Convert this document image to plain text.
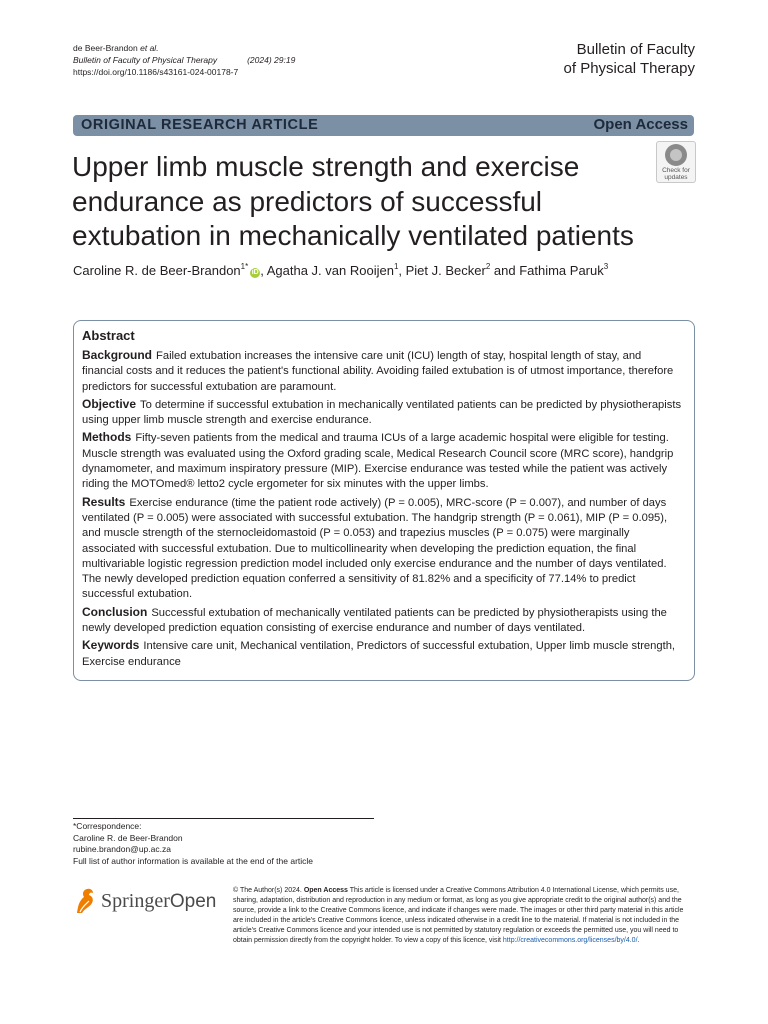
de Beer-Brandon et al.
Bulletin of Faculty of Physical Therapy	(2024) 29:19
https://doi.org/10.1186/s43161-024-00178-7
Bulletin of Faculty
of Physical Therapy
ORIGINAL RESEARCH ARTICLE	Open Access
Upper limb muscle strength and exercise endurance as predictors of successful extubation in mechanically ventilated patients
Check for
updates
Caroline R. de Beer-Brandon$^{1*}$iD , Agatha J. van Rooijen$^1$, Piet J. Becker$^2$ and Fathima Paruk$^3$
Abstract

Background Failed extubation increases the intensive care unit (ICU) length of stay, hospital length of stay, and financial costs and it reduces the patient's functional ability. Avoiding failed extubation is of utmost importance, therefore predictors for successful extubation are paramount.

Objective To determine if successful extubation in mechanically ventilated patients can be predicted by physiotherapists using upper limb muscle strength and exercise endurance.

Methods Fifty-seven patients from the medical and trauma ICUs of a large academic hospital were eligible for testing. Muscle strength was evaluated using the Oxford grading scale, Medical Research Council score (MRC score), handgrip dynamometer, and maximum inspiratory pressure (MIP). Exercise endurance was tested while the patient was actively riding the MOTOmed® letto2 cycle ergometer for six minutes with the upper limbs.

Results Exercise endurance (time the patient rode actively) (P = 0.005), MRC-score (P = 0.007), and number of days ventilated (P = 0.005) were associated with successful extubation. The handgrip strength (P = 0.061), MIP (P = 0.095), and muscle strength of the sternocleidomastoid (P = 0.053) and trapezius muscles (P = 0.075) were marginally associated with successful extubation. Due to multicollinearity when developing the prediction equation, the final multivariable logistic regression prediction model included only exercise endurance and the number of days ventilated. The newly developed prediction equation conferred a sensitivity of 81.82% and a specificity of 77.14% to predict successful extubation.

Conclusion Successful extubation of mechanically ventilated patients can be predicted by physiotherapists using the newly developed prediction equation consisting of exercise endurance and number of days ventilated.

Keywords Intensive care unit, Mechanical ventilation, Predictors of successful extubation, Upper limb muscle strength, Exercise endurance

*Correspondence:
Caroline R. de Beer-Brandon
rubine.brandon@up.ac.za
Full list of author information is available at the end of the article
SpringerOpen
© The Author(s) 2024. Open Access This article is licensed under a Creative Commons Attribution 4.0 International License, which permits use, sharing, adaptation, distribution and reproduction in any medium or format, as long as you give appropriate credit to the original author(s) and the source, provide a link to the Creative Commons licence, and indicate if changes were made. The images or other third party material in this article are included in the article's Creative Commons licence, unless indicated otherwise in a credit line to the material. If material is not included in the article's Creative Commons licence and your intended use is not permitted by statutory regulation or exceeds the permitted use, you will need to obtain permission directly from the copyright holder. To view a copy of this licence, visit http://creativecommons.org/licenses/by/4.0/.
